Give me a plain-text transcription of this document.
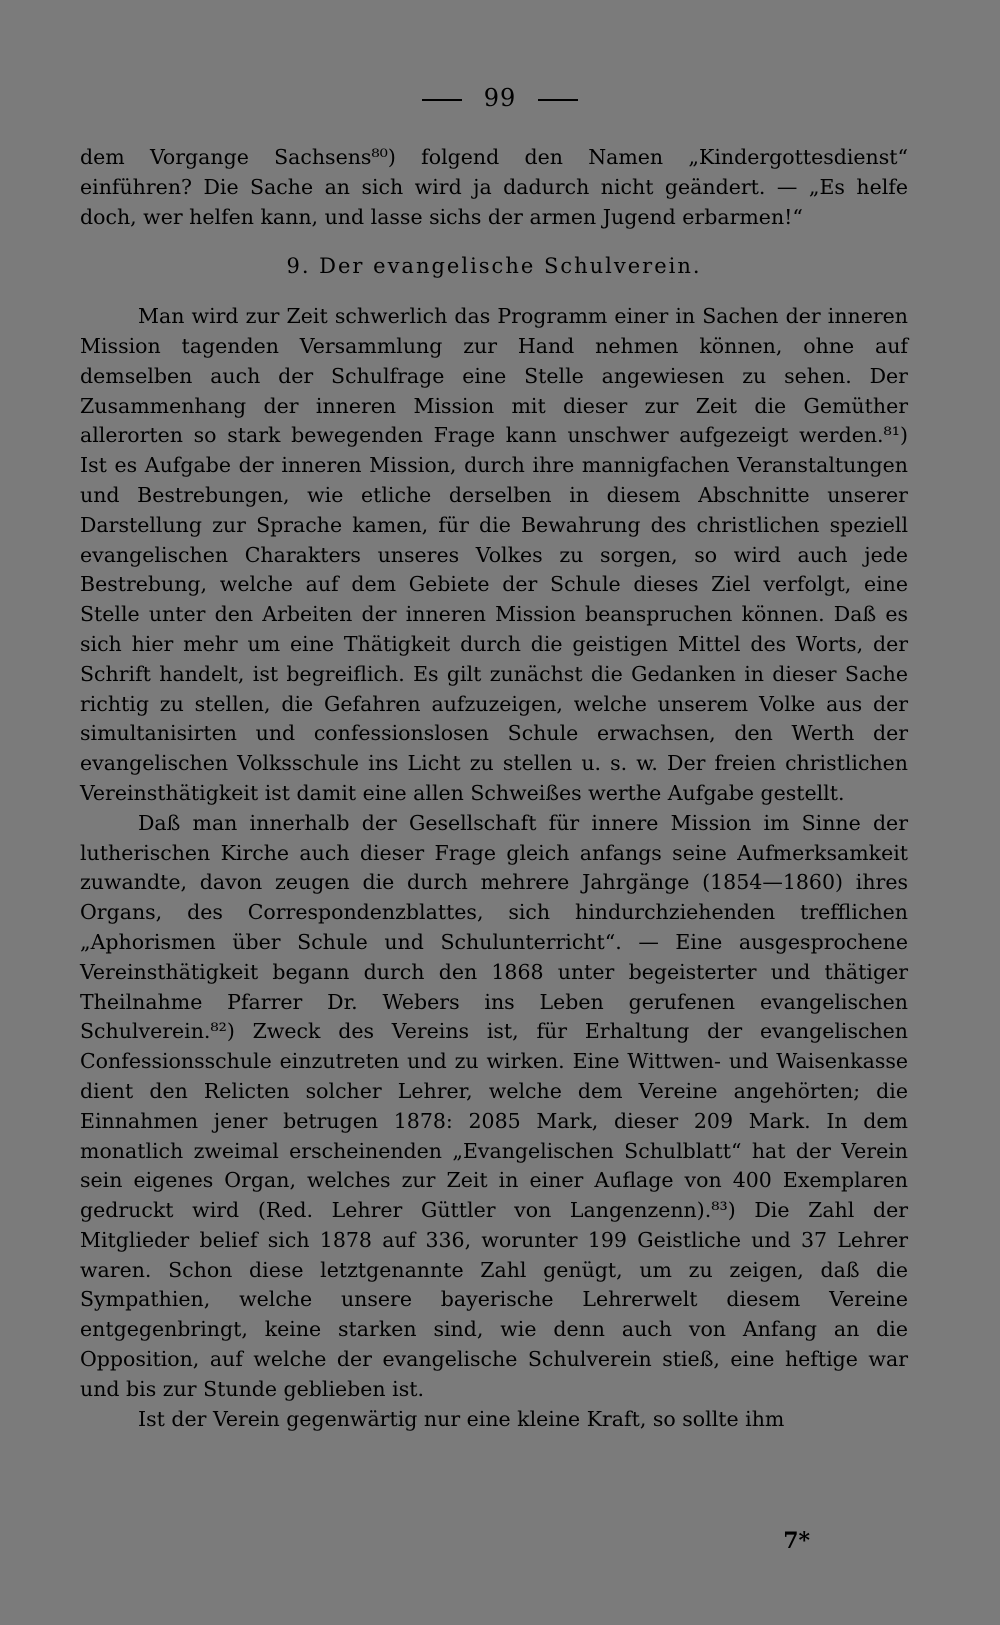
99

dem Vorgange Sachsens⁸⁰) folgend den Namen „Kindergottesdienst“ einführen? Die Sache an sich wird ja dadurch nicht geändert. — „Es helfe doch, wer helfen kann, und lasse sichs der armen Jugend erbarmen!“

9. Der evangelische Schulverein.

Man wird zur Zeit schwerlich das Programm einer in Sachen der inneren Mission tagenden Versammlung zur Hand nehmen können, ohne auf demselben auch der Schulfrage eine Stelle angewiesen zu sehen. Der Zusammenhang der inneren Mission mit dieser zur Zeit die Gemüther allerorten so stark bewegenden Frage kann unschwer aufgezeigt werden.⁸¹) Ist es Aufgabe der inneren Mission, durch ihre mannigfachen Veranstaltungen und Bestrebungen, wie etliche derselben in diesem Abschnitte unserer Darstellung zur Sprache kamen, für die Bewahrung des christlichen speziell evangelischen Charakters unseres Volkes zu sorgen, so wird auch jede Bestrebung, welche auf dem Gebiete der Schule dieses Ziel verfolgt, eine Stelle unter den Arbeiten der inneren Mission beanspruchen können. Daß es sich hier mehr um eine Thätigkeit durch die geistigen Mittel des Worts, der Schrift handelt, ist begreiflich. Es gilt zunächst die Gedanken in dieser Sache richtig zu stellen, die Gefahren aufzuzeigen, welche unserem Volke aus der simultanisirten und confessionslosen Schule erwachsen, den Werth der evangelischen Volksschule ins Licht zu stellen u. s. w. Der freien christlichen Vereinsthätigkeit ist damit eine allen Schweißes werthe Aufgabe gestellt.

Daß man innerhalb der Gesellschaft für innere Mission im Sinne der lutherischen Kirche auch dieser Frage gleich anfangs seine Aufmerksamkeit zuwandte, davon zeugen die durch mehrere Jahrgänge (1854—1860) ihres Organs, des Correspondenzblattes, sich hindurchziehenden trefflichen „Aphorismen über Schule und Schulunterricht“. — Eine ausgesprochene Vereinsthätigkeit begann durch den 1868 unter begeisterter und thätiger Theilnahme Pfarrer Dr. Webers ins Leben gerufenen evangelischen Schulverein.⁸²) Zweck des Vereins ist, für Erhaltung der evangelischen Confessionsschule einzutreten und zu wirken. Eine Wittwen- und Waisenkasse dient den Relicten solcher Lehrer, welche dem Vereine angehörten; die Einnahmen jener betrugen 1878: 2085 Mark, dieser 209 Mark. In dem monatlich zweimal erscheinenden „Evangelischen Schulblatt“ hat der Verein sein eigenes Organ, welches zur Zeit in einer Auflage von 400 Exemplaren gedruckt wird (Red. Lehrer Güttler von Langenzenn).⁸³) Die Zahl der Mitglieder belief sich 1878 auf 336, worunter 199 Geistliche und 37 Lehrer waren. Schon diese letztgenannte Zahl genügt, um zu zeigen, daß die Sympathien, welche unsere bayerische Lehrerwelt diesem Vereine entgegenbringt, keine starken sind, wie denn auch von Anfang an die Opposition, auf welche der evangelische Schulverein stieß, eine heftige war und bis zur Stunde geblieben ist.

Ist der Verein gegenwärtig nur eine kleine Kraft, so sollte ihm

7*
